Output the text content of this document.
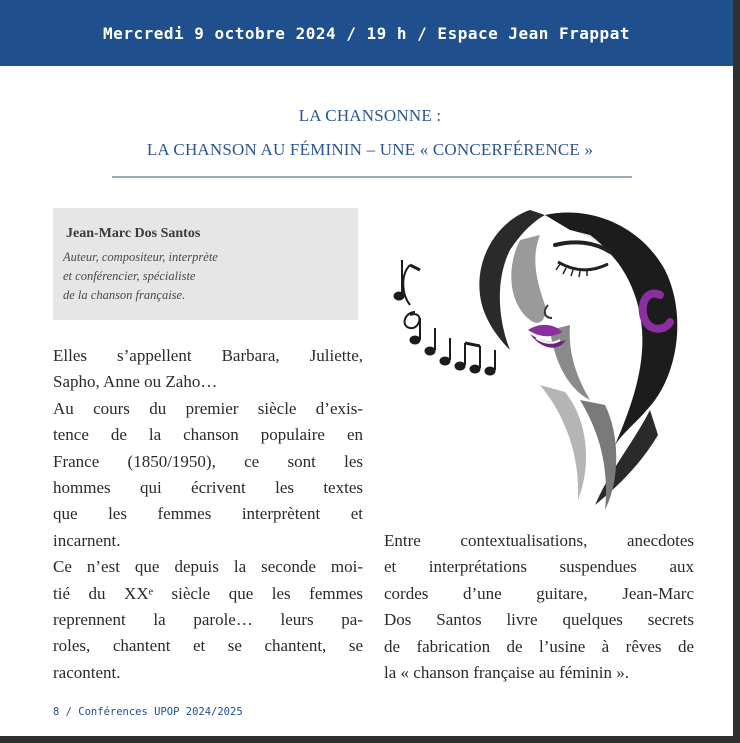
Mercredi 9 octobre 2024 / 19 h / Espace Jean Frappat
LA CHANSONNE :
LA CHANSON AU FÉMININ – UNE « CONCERFÉRENCE »
Jean-Marc Dos Santos
Auteur, compositeur, interprète
et conférencier, spécialiste
de la chanson française.
Elles s’appellent Barbara, Juliette,
Sapho, Anne ou Zaho…
Au cours du premier siècle d’exis-
tence de la chanson populaire en
France (1850/1950), ce sont les
hommes qui écrivent les textes
que les femmes interprètent et
incarnent.
Ce n’est que depuis la seconde moi-
tié du XXᵉ siècle que les femmes
reprennent la parole… leurs pa-
roles, chantent et se chantent, se
racontent.
Entre contextualisations, anecdotes
et interprétations suspendues aux
cordes d’une guitare, Jean-Marc
Dos Santos livre quelques secrets
de fabrication de l’usine à rêves de
la « chanson française au féminin ».
8 / Conférences UPOP 2024/2025
